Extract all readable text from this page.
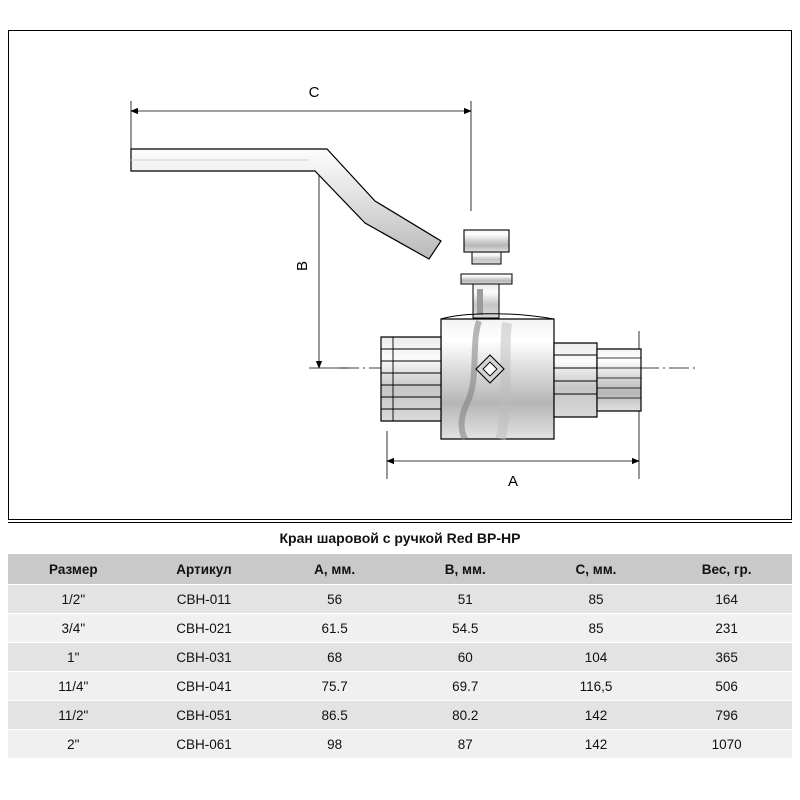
C
B
A
Кран шаровой с ручкой Red ВР-НР					
Размер	Артикул	A, мм.	B, мм.	C, мм.	Вес, гр.
1/2"	CBH-011	56	51	85	164
3/4"	CBH-021	61.5	54.5	85	231
1"	CBH-031	68	60	104	365
11/4"	CBH-041	75.7	69.7	116,5	506
11/2"	CBH-051	86.5	80.2	142	796
2"	CBH-061	98	87	142	1070
